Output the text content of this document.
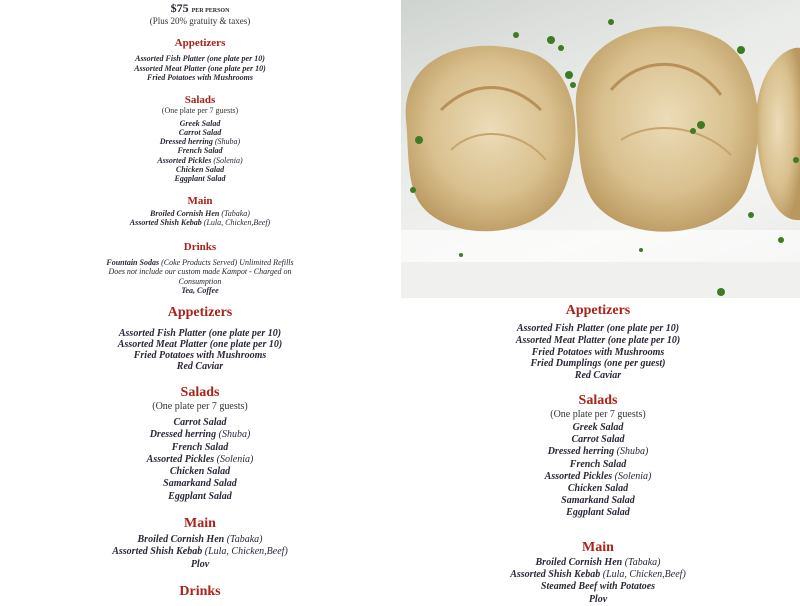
$75 PER PERSON
(Plus 20% gratuity & taxes)
Appetizers
Assorted Fish Platter (one plate per 10)
Assorted Meat Platter (one plate per 10)
Fried Potatoes with Mushrooms
Salads
(One plate per 7 guests)
Greek Salad
Carrot Salad
Dressed herring (Shuba)
French Salad
Assorted Pickles (Solenia)
Chicken Salad
Eggplant Salad
Main
Broiled Cornish Hen (Tabaka)
Assorted Shish Kebab (Lula, Chicken,Beef)
Drinks
Fountain Sodas (Coke Products Served) Unlimited Refills
Does not include our custom made Kampot - Charged on Consumption
Tea, Coffee
Appetizers
Assorted Fish Platter (one plate per 10)
Assorted Meat Platter (one plate per 10)
Fried Potatoes with Mushrooms
Red Caviar
Salads
(One plate per 7 guests)
Carrot Salad
Dressed herring (Shuba)
French Salad
Assorted Pickles (Solenia)
Chicken Salad
Samarkand Salad
Eggplant Salad
Main
Broiled Cornish Hen (Tabaka)
Assorted Shish Kebab (Lula, Chicken,Beef)
Plov
Drinks
Appetizers
Assorted Fish Platter (one plate per 10)
Assorted Meat Platter (one plate per 10)
Fried Potatoes with Mushrooms
Fried Dumplings (one per guest)
Red Caviar
Salads
(One plate per 7 guests)
Greek Salad
Carrot Salad
Dressed herring (Shuba)
French Salad
Assorted Pickles (Solenia)
Chicken Salad
Samarkand Salad
Eggplant Salad
Main
Broiled Cornish Hen (Tabaka)
Assorted Shish Kebab (Lula, Chicken,Beef)
Steamed Beef with Potatoes
Plov
